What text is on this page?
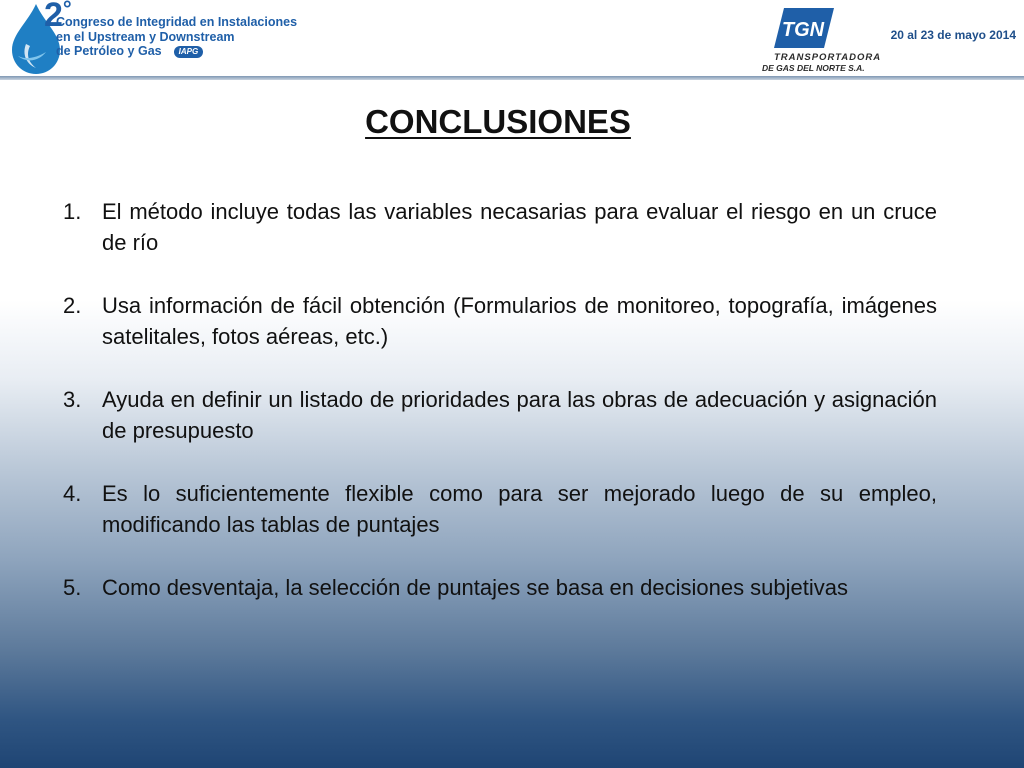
2°
Congreso de Integridad en Instalaciones
en el Upstream y Downstream
de Petróleo y Gas IAPG
TGN
TRANSPORTADORA
DE GAS DEL NORTE S.A.
20 al 23 de mayo 2014
CONCLUSIONES
1. El método incluye todas las variables necasarias para evaluar el riesgo en un cruce de río
2. Usa información de fácil obtención (Formularios de monitoreo, topografía, imágenes satelitales, fotos aéreas, etc.)
3. Ayuda en definir un listado de prioridades para las obras de adecuación y asignación de presupuesto
4. Es lo suficientemente flexible como para ser mejorado luego de su empleo, modificando las tablas de puntajes
5. Como desventaja, la selección de puntajes se basa en decisiones subjetivas
